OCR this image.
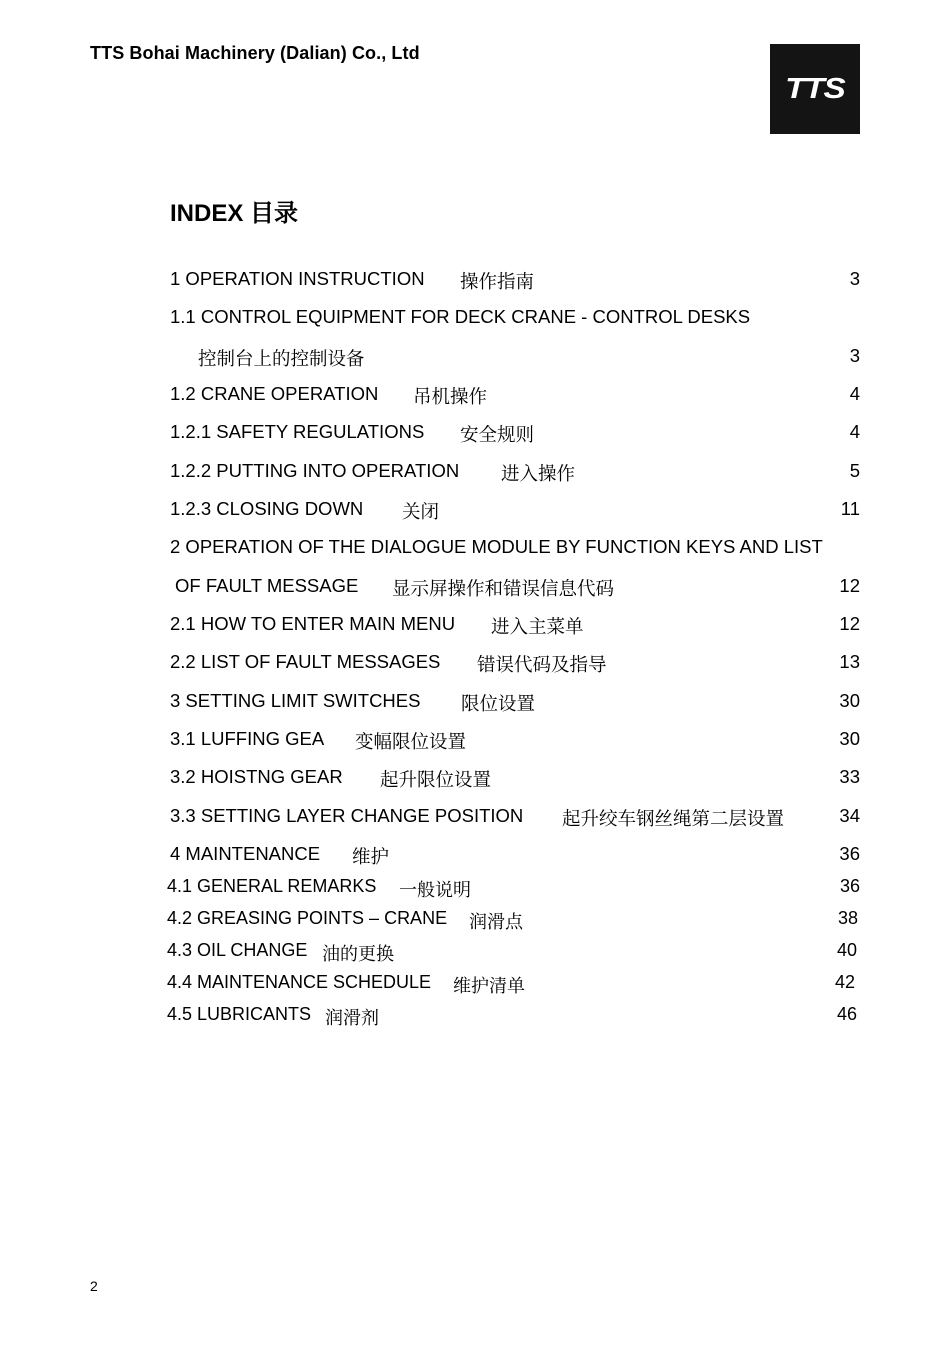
TTS Bohai Machinery (Dalian) Co., Ltd
TTS
INDEX 目录
1 OPERATION INSTRUCTION 操作指南	3
1.1 CONTROL EQUIPMENT FOR DECK CRANE - CONTROL DESKS
控制台上的控制设备	3
1.2 CRANE OPERATION 吊机操作	4
1.2.1 SAFETY REGULATIONS 安全规则	4
1.2.2 PUTTING INTO OPERATION 进入操作	5
1.2.3 CLOSING DOWN 关闭	11
2 OPERATION OF THE DIALOGUE MODULE BY FUNCTION KEYS AND LIST
OF FAULT MESSAGE 显示屏操作和错误信息代码	12
2.1 HOW TO ENTER MAIN MENU 进入主菜单	12
2.2 LIST OF FAULT MESSAGES 错误代码及指导	13
3 SETTING LIMIT SWITCHES 限位设置	30
3.1 LUFFING GEA 变幅限位设置	30
3.2 HOISTNG GEAR 起升限位设置	33
3.3 SETTING LAYER CHANGE POSITION 起升绞车钢丝绳第二层设置	34
4 MAINTENANCE 维护	36
4.1 GENERAL REMARKS 一般说明	36
4.2 GREASING POINTS – CRANE 润滑点	38
4.3 OIL CHANGE 油的更换	40
4.4 MAINTENANCE SCHEDULE 维护清单	42
4.5 LUBRICANTS 润滑剂	46
2
